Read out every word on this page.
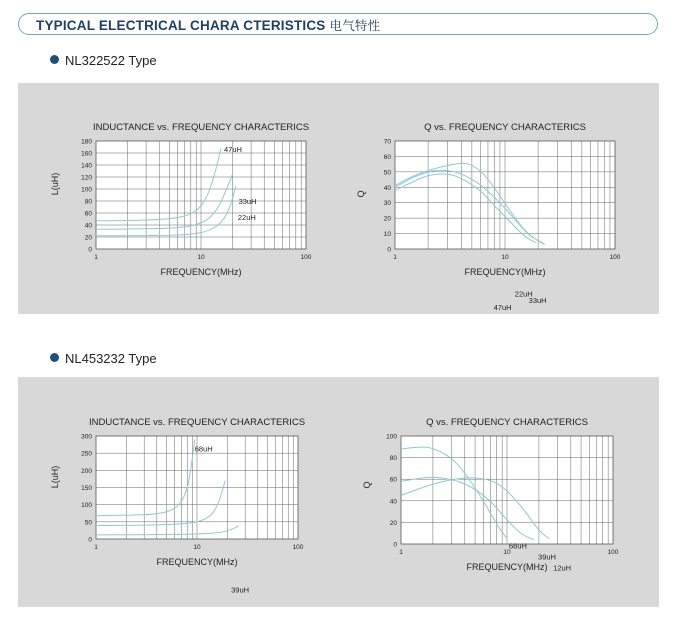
TYPICAL ELECTRICAL CHARA CTERISTICS 电气特性
NL322522 Type
0
20
40
60
80
100
120
140
160
180
1	10	100
INDUCTANCE vs. FREQUENCY CHARACTERICS
FREQUENCY(MHz)
L(uH)
47uH
33uH
22uH
0
10
20
30
40
50
60
70
1	10	100
Q vs. FREQUENCY CHARACTERICS
FREQUENCY(MHz)
Q
22uH
33uH
47uH
NL453232 Type
0
50
100
150
200
250
300
1	10	100
INDUCTANCE vs. FREQUENCY CHARACTERICS
FREQUENCY(MHz)
L(uH)
68uH
39uH
0
20
40
60
80
100
1	10	100
Q vs. FREQUENCY CHARACTERICS
FREQUENCY(MHz)
Q
68uH
39uH
12uH
